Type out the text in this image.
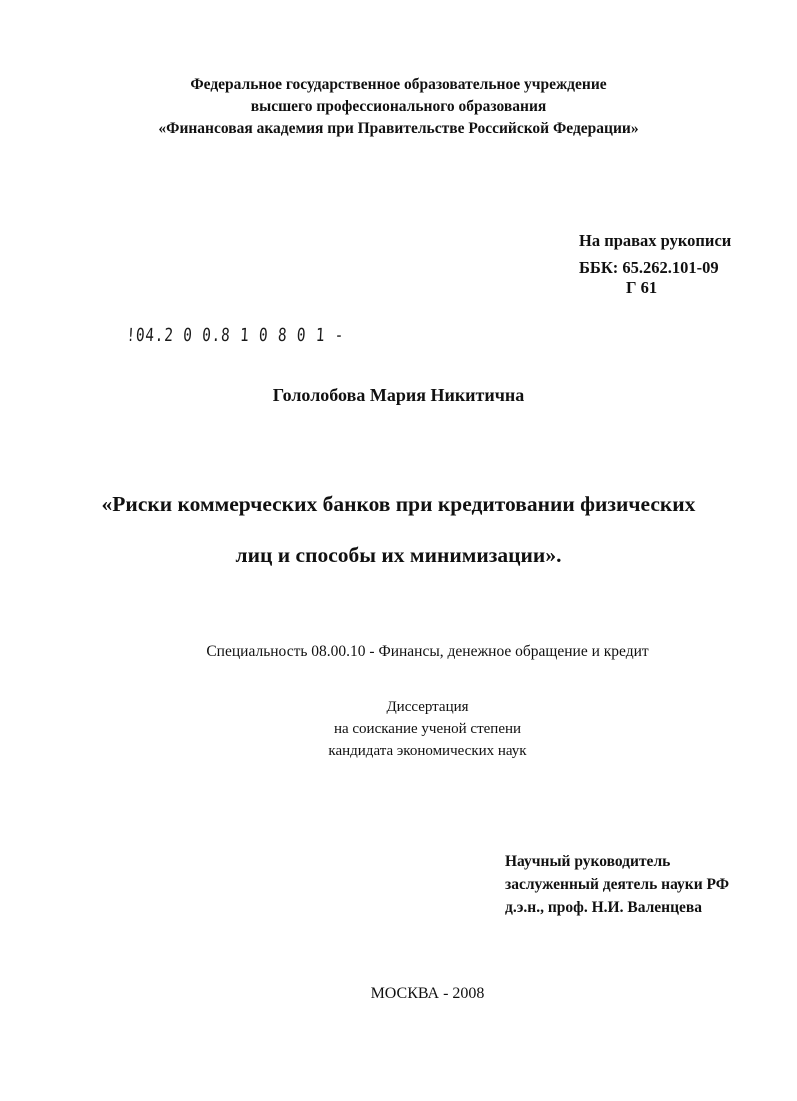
Федеральное государственное образовательное учреждение
высшего профессионального образования
«Финансовая академия при Правительстве Российской Федерации»
На правах рукописи
ББК: 65.262.101-09
Г 61
!04.2 0 0.8 1 0 8 0 1 -
Гололобова Мария Никитична
«Риски коммерческих банков при кредитовании физических
лиц и способы их минимизации».
Специальность 08.00.10 - Финансы, денежное обращение и кредит
Диссертация
на соискание ученой степени
кандидата экономических наук
Научный руководитель
заслуженный деятель науки РФ
д.э.н., проф. Н.И. Валенцева
МОСКВА - 2008
